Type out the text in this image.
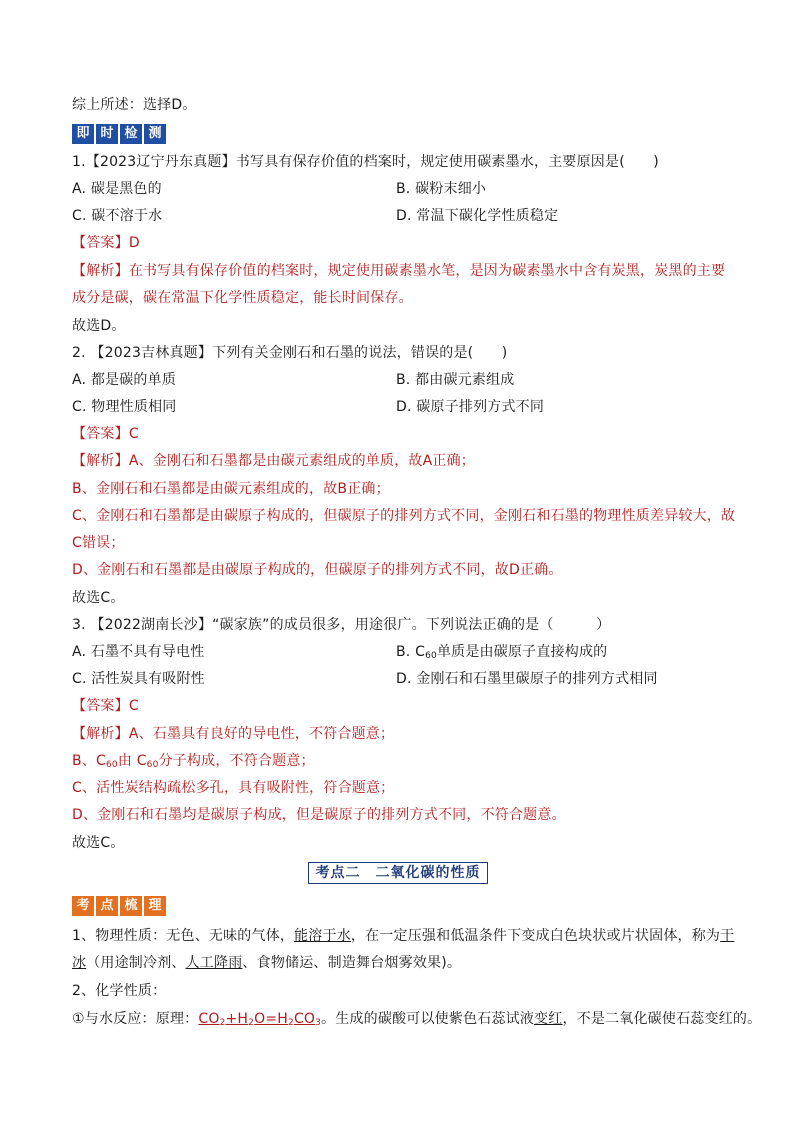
综上所述：选择D。
即 时 检 测
1.【2023辽宁丹东真题】书写具有保存价值的档案时，规定使用碳素墨水，主要原因是(　　)
A. 碳是黑色的	B. 碳粉末细小
C. 碳不溶于水	D. 常温下碳化学性质稳定
【答案】D
【解析】在书写具有保存价值的档案时，规定使用碳素墨水笔，是因为碳素墨水中含有炭黑，炭黑的主要
成分是碳，碳在常温下化学性质稳定，能长时间保存。
故选D。
2. 【2023吉林真题】下列有关金刚石和石墨的说法，错误的是(　　)
A. 都是碳的单质	B. 都由碳元素组成
C. 物理性质相同	D. 碳原子排列方式不同
【答案】C
【解析】A、金刚石和石墨都是由碳元素组成的单质，故A正确；
B、金刚石和石墨都是由碳元素组成的，故B正确；
C、金刚石和石墨都是由碳原子构成的，但碳原子的排列方式不同，金刚石和石墨的物理性质差异较大，故
C错误；
D、金刚石和石墨都是由碳原子构成的，但碳原子的排列方式不同，故D正确。
故选C。
3. 【2022湖南长沙】“碳家族”的成员很多，用途很广。下列说法正确的是（　　　）
A. 石墨不具有导电性	B. $C_{60}$单质是由碳原子直接构成的
C. 活性炭具有吸附性	D. 金刚石和石墨里碳原子的排列方式相同
【答案】C
【解析】A、石墨具有良好的导电性，不符合题意；
B、$C_{60}$由 $C_{60}$分子构成，不符合题意；
C、活性炭结构疏松多孔，具有吸附性，符合题意；
D、金刚石和石墨均是碳原子构成，但是碳原子的排列方式不同，不符合题意。
故选C。
考点二　二氧化碳的性质
考 点 梳 理
1、物理性质：无色、无味的气体，能溶于水，在一定压强和低温条件下变成白色块状或片状固体，称为干
冰（用途制冷剂、人工降雨、食物储运、制造舞台烟雾效果)。
2、化学性质：
①与水反应：原理：$CO_2+H_2O=H_2CO_3$。生成的碳酸可以使紫色石蕊试液变红，不是二氧化碳使石蕊变红的。
